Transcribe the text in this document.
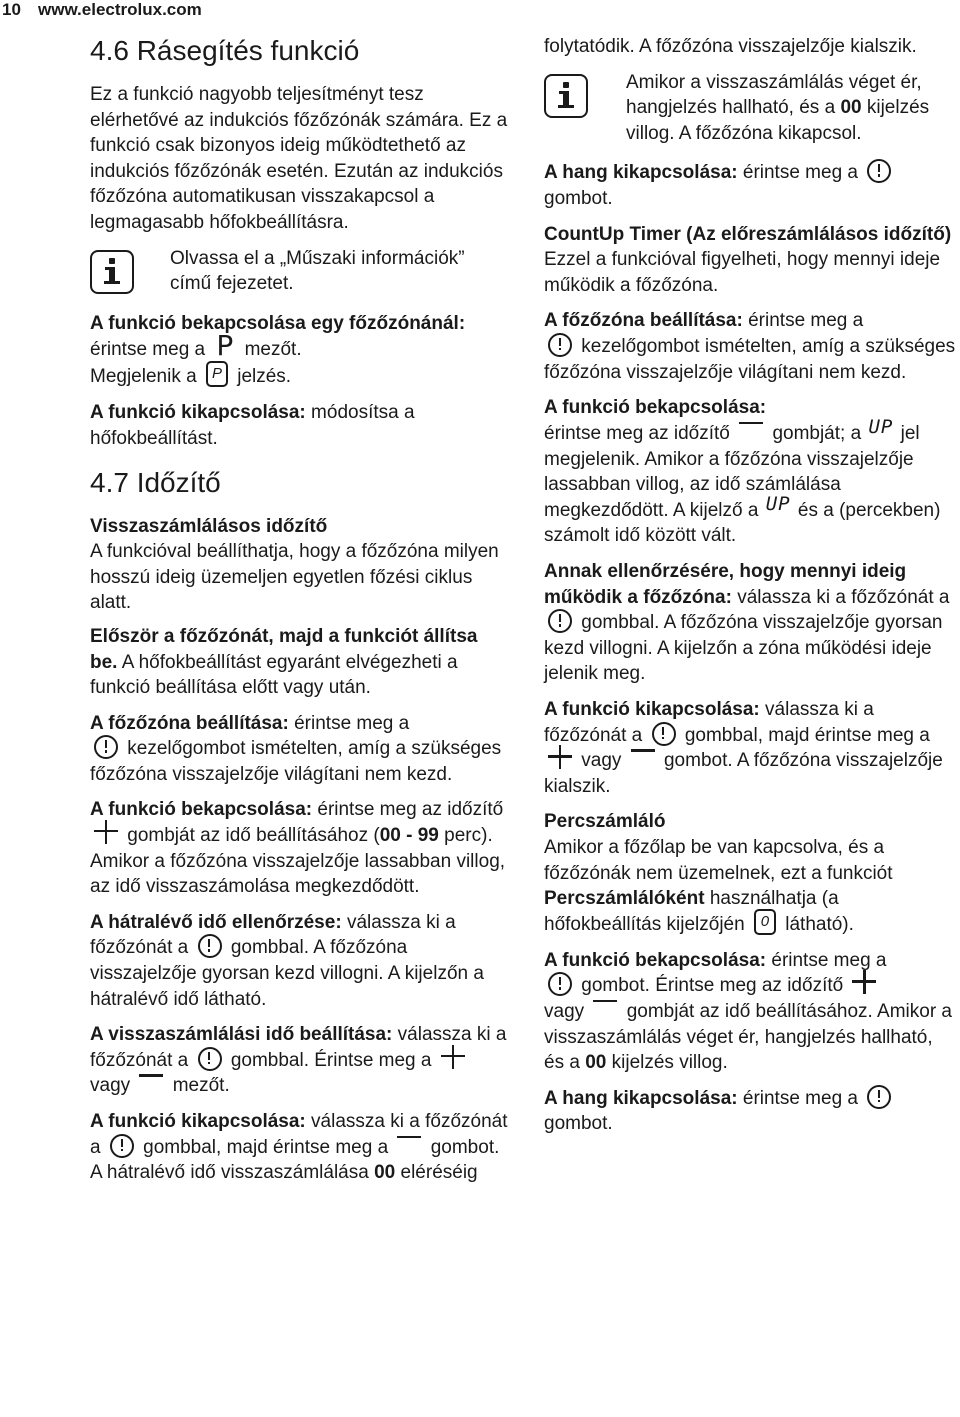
10 www.electrolux.com
4.6 Rásegítés funkció

Ez a funkció nagyobb teljesítményt tesz elérhetővé az indukciós főzőzónák számára. Ez a funkció csak bizonyos ideig működtethető az indukciós főzőzónák esetén. Ezután az indukciós főzőzóna automatikusan visszakapcsol a legmagasabb hőfokbeállításra.

Olvassa el a „Műszaki információk” című fejezetet.

A funkció bekapcsolása egy főzőzónánál: érintse meg a P mezőt.
Megjelenik a P jelzés.

A funkció kikapcsolása: módosítsa a hőfokbeállítást.

4.7 Időzítő

Visszaszámlálásos időzítő
A funkcióval beállíthatja, hogy a főzőzóna milyen hosszú ideig üzemeljen egyetlen főzési ciklus alatt.

Először a főzőzónát, majd a funkciót állítsa be. A hőfokbeállítást egyaránt elvégezheti a funkció beállítása előtt vagy után.

A főzőzóna beállítása: érintse meg a
kezelőgombot ismételten, amíg a szükséges főzőzóna visszajelzője világítani nem kezd.

A funkció bekapcsolása: érintse meg az időzítő  gombját az idő beállításához (00 - 99 perc). Amikor a főzőzóna visszajelzője lassabban villog, az idő visszaszámolása megkezdődött.

A hátralévő idő ellenőrzése: válassza ki a főzőzónát a gombbal. A főzőzóna visszajelzője gyorsan kezd villogni. A kijelzőn a hátralévő idő látható.

A visszaszámlálási idő beállítása: válassza ki a főzőzónát a gombbal. Érintse meg a  vagy mezőt.

A funkció kikapcsolása: válassza ki a főzőzónát a gombbal, majd érintse meg a gombot. A hátralévő idő visszaszámlálása 00 eléréséig

folytatódik. A főzőzóna visszajelzője kialszik.

Amikor a visszaszámlálás véget ér, hangjelzés hallható, és a 00 kijelzés villog. A főzőzóna kikapcsol.

A hang kikapcsolása: érintse meg a  gombot.

CountUp Timer (Az előreszámlálásos időzítő)
Ezzel a funkcióval figyelheti, hogy mennyi ideje működik a főzőzóna.

A főzőzóna beállítása: érintse meg a
kezelőgombot ismételten, amíg a szükséges főzőzóna visszajelzője világítani nem kezd.

A funkció bekapcsolása:
érintse meg az időzítő gombját; a UP jel megjelenik. Amikor a főzőzóna visszajelzője lassabban villog, az idő számlálása megkezdődött. A kijelző a UP és a (percekben) számolt idő között vált.

Annak ellenőrzésére, hogy mennyi ideig működik a főzőzóna: válassza ki a főzőzónát a  gombbal. A főzőzóna visszajelzője gyorsan kezd villogni. A kijelzőn a zóna működési ideje jelenik meg.

A funkció kikapcsolása: válassza ki a főzőzónát a gombbal, majd érintse meg a  vagy gombot. A főzőzóna visszajelzője kialszik.

Percszámláló
Amikor a főzőlap be van kapcsolva, és a főzőzónák nem üzemelnek, ezt a funkciót Percszámlálóként használhatja (a hőfokbeállítás kijelzőjén 0 látható).

A funkció bekapcsolása: érintse meg a
gombot. Érintse meg az időzítő
vagy gombját az idő beállításához. Amikor a visszaszámlálás véget ér, hangjelzés hallható, és a 00 kijelzés villog.

A hang kikapcsolása: érintse meg a
gombot.
